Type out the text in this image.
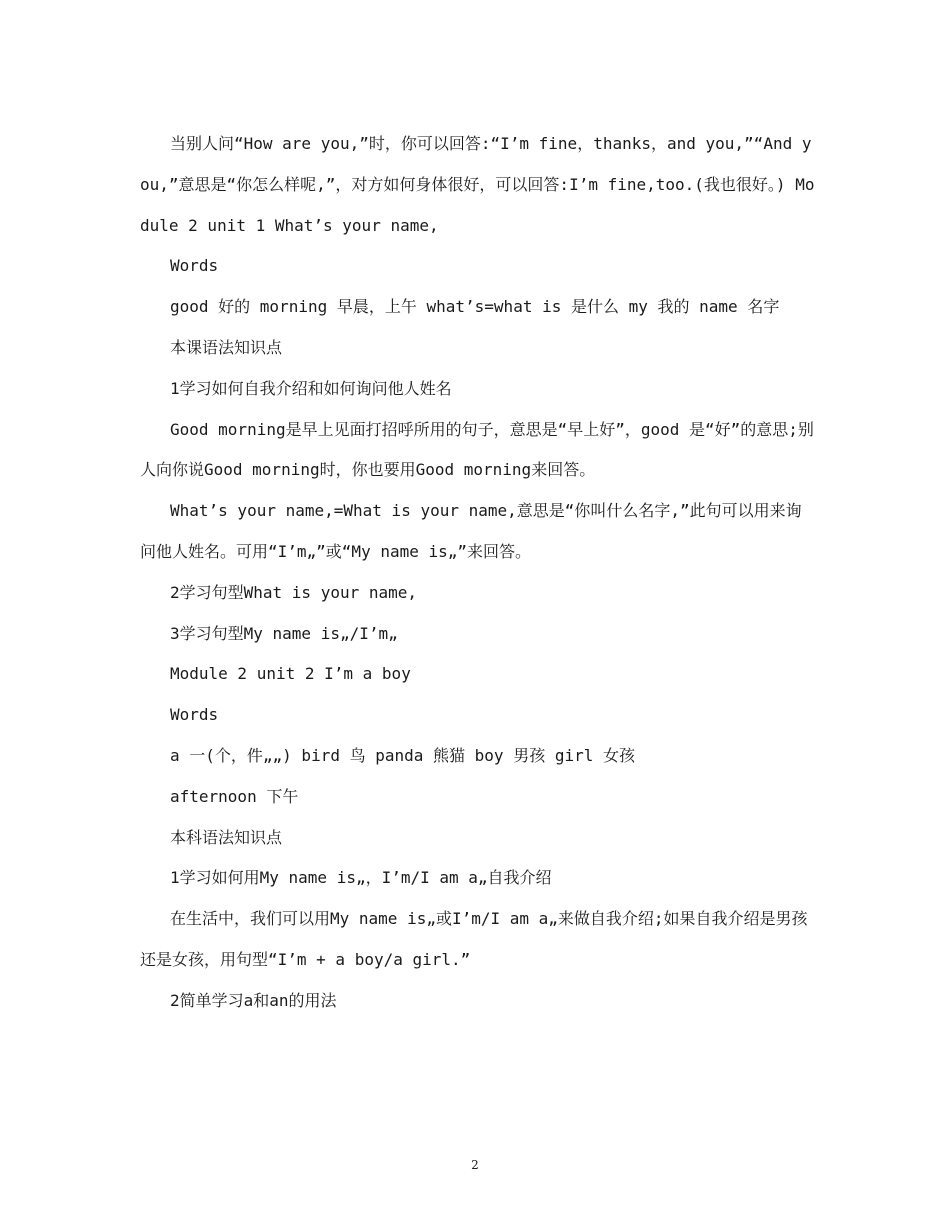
当别人问“How are you,”时，你可以回答:“I’m fine，thanks，and you,”“And you,”意思是“你怎么样呢,”，对方如何身体很好，可以回答:I’m fine,too.(我也很好。) Module 2 unit 1 What’s your name,

Words

good 好的 morning 早晨，上午 what’s=what is 是什么 my 我的 name 名字

本课语法知识点

1学习如何自我介绍和如何询问他人姓名

Good morning是早上见面打招呼所用的句子，意思是“早上好”，good 是“好”的意思;别人向你说Good morning时，你也要用Good morning来回答。

What’s your name,=What is your name,意思是“你叫什么名字,”此句可以用来询问他人姓名。可用“I’m„”或“My name is„”来回答。

2学习句型What is your name,

3学习句型My name is„/I’m„

Module 2 unit 2 I’m a boy

Words

a 一(个，件„„) bird 鸟 panda 熊猫 boy 男孩 girl 女孩

afternoon 下午

本科语法知识点

1学习如何用My name is„，I’m/I am a„自我介绍

在生活中，我们可以用My name is„或I’m/I am a„来做自我介绍;如果自我介绍是男孩还是女孩，用句型“I’m + a boy/a girl.”

2简单学习a和an的用法

2
